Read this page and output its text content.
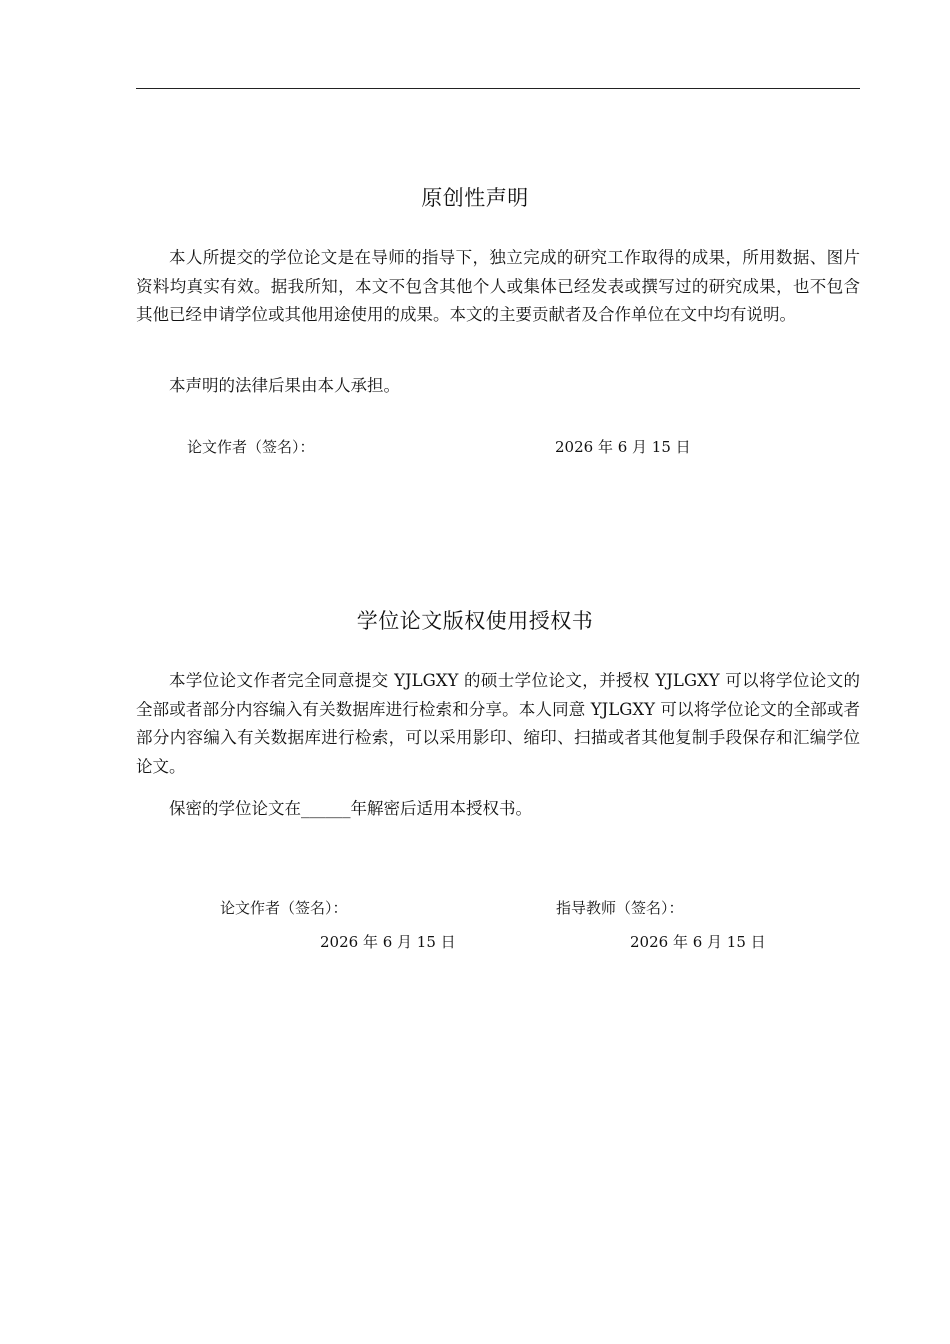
原创性声明

本人所提交的学位论文是在导师的指导下，独立完成的研究工作取得的成果，所用数据、图片资料均真实有效。据我所知，本文不包含其他个人或集体已经发表或撰写过的研究成果，也不包含其他已经申请学位或其他用途使用的成果。本文的主要贡献者及合作单位在文中均有说明。

本声明的法律后果由本人承担。

论文作者（签名）：	2026 年 6 月 15 日
学位论文版权使用授权书

本学位论文作者完全同意提交 YJLGXY 的硕士学位论文，并授权 YJLGXY 可以将学位论文的全部或者部分内容编入有关数据库进行检索和分享。本人同意 YJLGXY 可以将学位论文的全部或者部分内容编入有关数据库进行检索，可以采用影印、缩印、扫描或者其他复制手段保存和汇编学位论文。

保密的学位论文在______年解密后适用本授权书。

论文作者（签名）：	指导教师（签名）：
2026 年 6 月 15 日	2026 年 6 月 15 日
